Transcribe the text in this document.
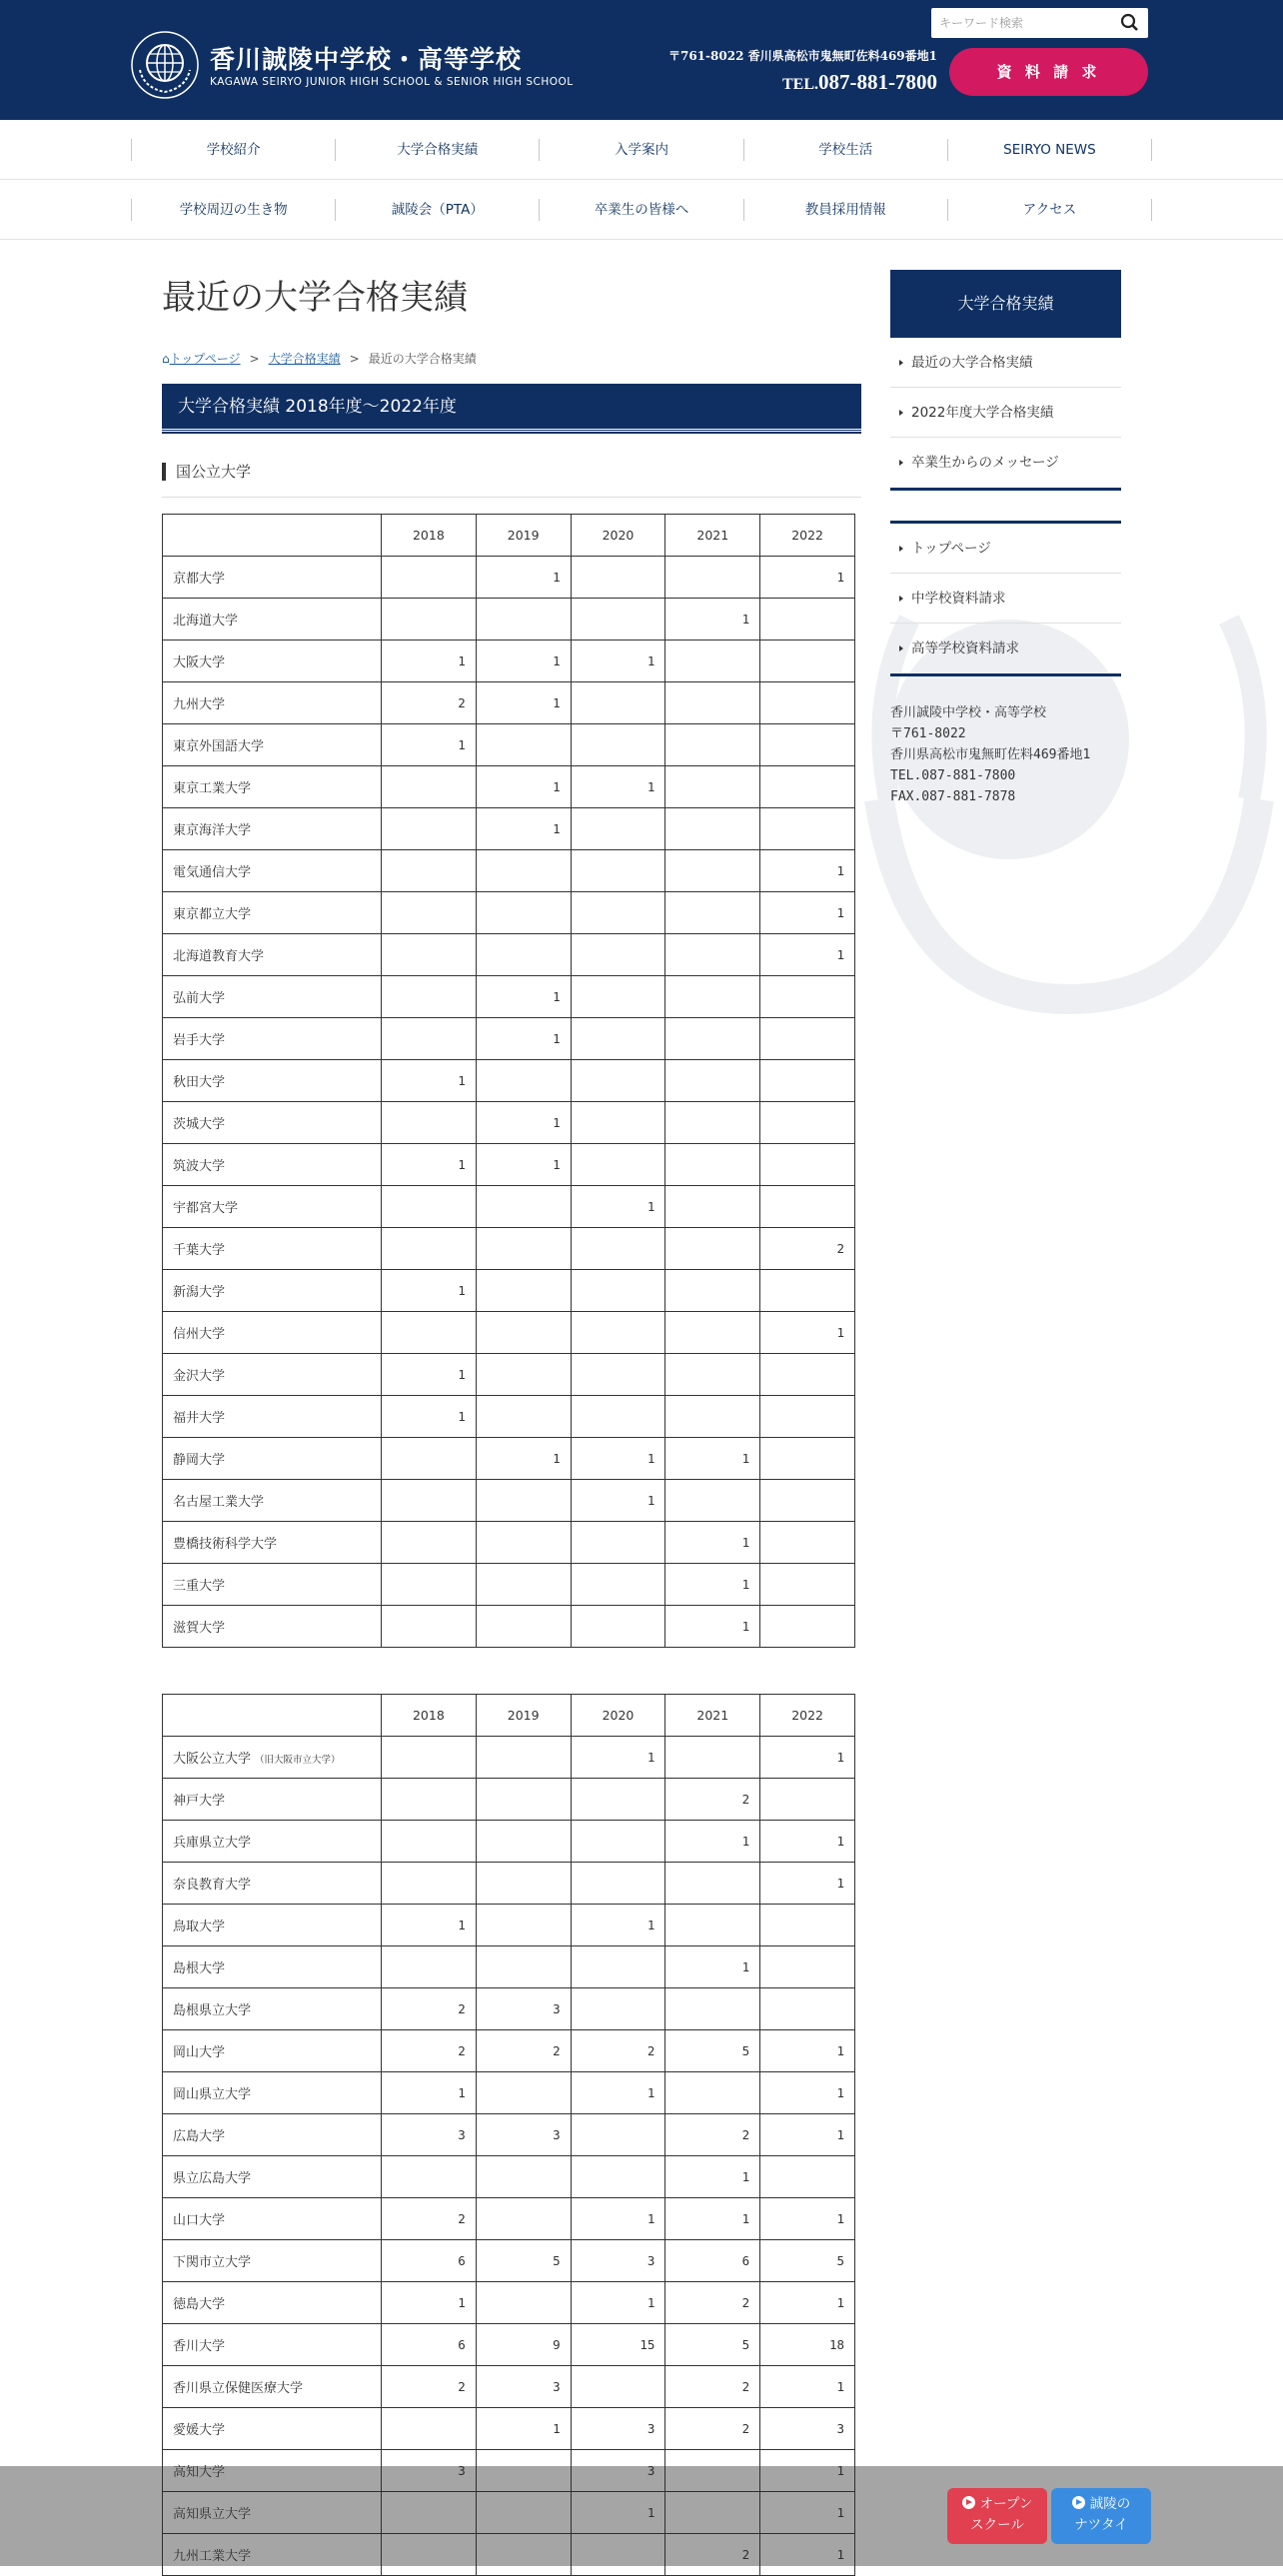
香川誠陵中学校・高等学校
KAGAWA SEIRYO JUNIOR HIGH SCHOOL & SENIOR HIGH SCHOOL
キーワード検索
〒761-8022 香川県高松市鬼無町佐料469番地1
TEL.087-881-7800	資 料 請 求
学校紹介	大学合格実績	入学案内	学校生活	SEIRYO NEWS
学校周辺の生き物	誠陵会（PTA）	卒業生の皆様へ	教員採用情報	アクセス
最近の大学合格実績
⌂トップページ > 大学合格実績 > 最近の大学合格実績
大学合格実績 2018年度～2022年度
国公立大学
	2018	2019	2020	2021	2022
京都大学		1			1
北海道大学				1	
大阪大学	1	1	1		
九州大学	2	1			
東京外国語大学	1				
東京工業大学		1	1		
東京海洋大学		1			
電気通信大学					1
東京都立大学					1
北海道教育大学					1
弘前大学		1			
岩手大学		1			
秋田大学	1				
茨城大学		1			
筑波大学	1	1			
宇都宮大学			1		
千葉大学					2
新潟大学	1				
信州大学					1
金沢大学	1				
福井大学	1				
静岡大学		1	1	1	
名古屋工業大学			1		
豊橋技術科学大学				1	
三重大学				1	
滋賀大学				1	
	2018	2019	2020	2021	2022
大阪公立大学 （旧大阪市立大学）			1		1
神戸大学				2	
兵庫県立大学				1	1
奈良教育大学					1
鳥取大学	1		1		
島根大学				1	
島根県立大学	2	3			
岡山大学	2	2	2	5	1
岡山県立大学	1		1		1
広島大学	3	3		2	1
県立広島大学				1	
山口大学	2		1	1	1
下関市立大学	6	5	3	6	5
徳島大学	1		1	2	1
香川大学	6	9	15	5	18
香川県立保健医療大学	2	3		2	1
愛媛大学		1	3	2	3
高知大学	3		3		1
高知県立大学			1		1
九州工業大学				2	1
大学合格実績
最近の大学合格実績
2022年度大学合格実績
卒業生からのメッセージ
トップページ
中学校資料請求
高等学校資料請求
香川誠陵中学校・高等学校
〒761-8022
香川県高松市鬼無町佐料469番地1
TEL.087-881-7800
FAX.087-881-7878
オープン
スクール
誠陵の
ナツタイ
